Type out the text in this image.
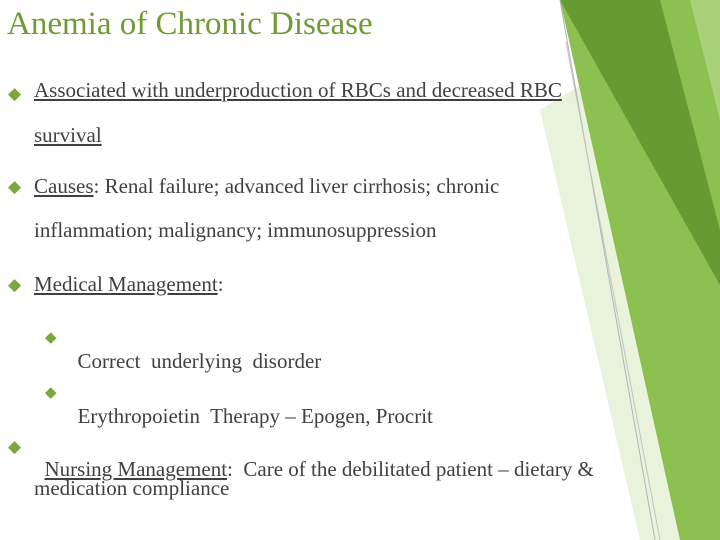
Anemia of Chronic Disease
◆ Associated with underproduction of RBCs and decreased RBC
survival
◆ Causes: Renal failure; advanced liver cirrhosis; chronic
inflammation; malignancy; immunosuppression
◆ Medical Management:
◆

Correct  underlying  disorder

◆

Erythropoietin  Therapy – Epogen, Procrit

◆

Nursing Management:  Care of the debilitated patient – dietary &

medication compliance
